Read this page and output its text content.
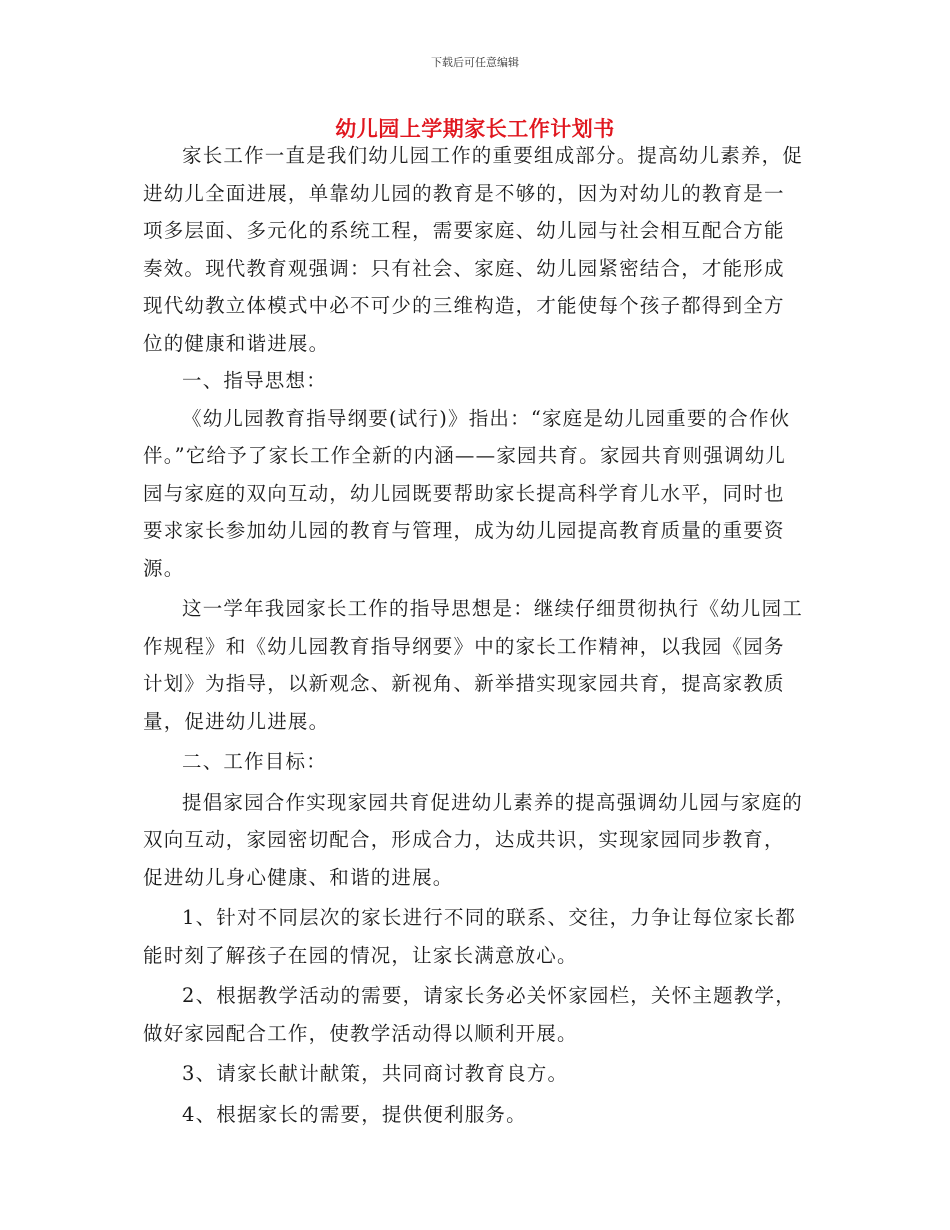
下载后可任意编辑
幼儿园上学期家长工作计划书

家长工作一直是我们幼儿园工作的重要组成部分。提高幼儿素养，促进幼儿全面进展，单靠幼儿园的教育是不够的，因为对幼儿的教育是一项多层面、多元化的系统工程，需要家庭、幼儿园与社会相互配合方能奏效。现代教育观强调：只有社会、家庭、幼儿园紧密结合，才能形成现代幼教立体模式中必不可少的三维构造，才能使每个孩子都得到全方位的健康和谐进展。

一、指导思想：

《幼儿园教育指导纲要(试行)》指出：“家庭是幼儿园重要的合作伙伴。”它给予了家长工作全新的内涵——家园共育。家园共育则强调幼儿园与家庭的双向互动，幼儿园既要帮助家长提高科学育儿水平，同时也要求家长参加幼儿园的教育与管理，成为幼儿园提高教育质量的重要资源。

这一学年我园家长工作的指导思想是：继续仔细贯彻执行《幼儿园工作规程》和《幼儿园教育指导纲要》中的家长工作精神，以我园《园务计划》为指导，以新观念、新视角、新举措实现家园共育，提高家教质量，促进幼儿进展。

二、工作目标：

提倡家园合作实现家园共育促进幼儿素养的提高强调幼儿园与家庭的双向互动，家园密切配合，形成合力，达成共识，实现家园同步教育，促进幼儿身心健康、和谐的进展。

1、针对不同层次的家长进行不同的联系、交往，力争让每位家长都能时刻了解孩子在园的情况，让家长满意放心。

2、根据教学活动的需要，请家长务必关怀家园栏，关怀主题教学，做好家园配合工作，使教学活动得以顺利开展。

3、请家长献计献策，共同商讨教育良方。

4、根据家长的需要，提供便利服务。
